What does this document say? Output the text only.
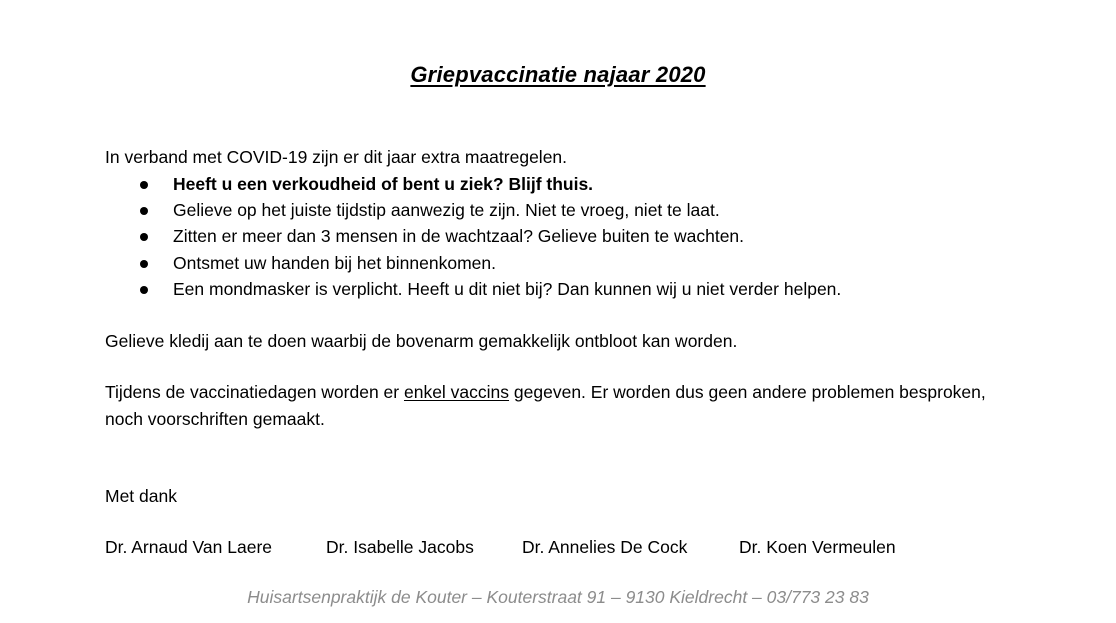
Griepvaccinatie najaar 2020

In verband met COVID-19 zijn er dit jaar extra maatregelen.

Heeft u een verkoudheid of bent u ziek? Blijf thuis.
Gelieve op het juiste tijdstip aanwezig te zijn. Niet te vroeg, niet te laat.
Zitten er meer dan 3 mensen in de wachtzaal? Gelieve buiten te wachten.
Ontsmet uw handen bij het binnenkomen.
Een mondmasker is verplicht. Heeft u dit niet bij? Dan kunnen wij u niet verder helpen.

Gelieve kledij aan te doen waarbij de bovenarm gemakkelijk ontbloot kan worden.

Tijdens de vaccinatiedagen worden er enkel vaccins gegeven. Er worden dus geen andere problemen besproken, noch voorschriften gemaakt.

Met dank

Dr. Arnaud Van Laere	Dr. Isabelle Jacobs	Dr. Annelies De Cock	Dr. Koen Vermeulen
Huisartsenpraktijk de Kouter – Kouterstraat 91 – 9130 Kieldrecht – 03/773 23 83
